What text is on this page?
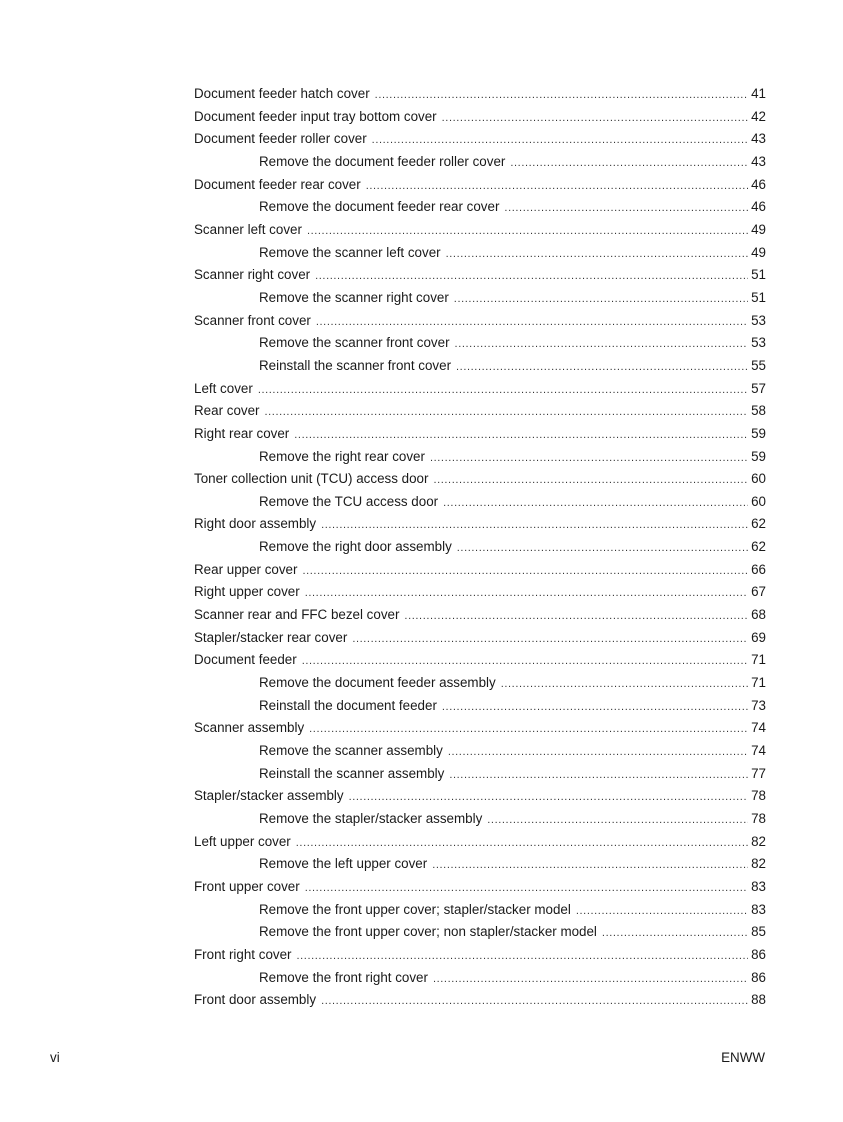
Document feeder hatch cover .....	41
Document feeder input tray bottom cover .....	42
Document feeder roller cover .....	43
Remove the document feeder roller cover .....	43
Document feeder rear cover .....	46
Remove the document feeder rear cover .....	46
Scanner left cover .....	49
Remove the scanner left cover .....	49
Scanner right cover .....	51
Remove the scanner right cover .....	51
Scanner front cover .....	53
Remove the scanner front cover .....	53
Reinstall the scanner front cover .....	55
Left cover .....	57
Rear cover .....	58
Right rear cover .....	59
Remove the right rear cover .....	59
Toner collection unit (TCU) access door .....	60
Remove the TCU access door .....	60
Right door assembly .....	62
Remove the right door assembly .....	62
Rear upper cover .....	66
Right upper cover .....	67
Scanner rear and FFC bezel cover .....	68
Stapler/stacker rear cover .....	69
Document feeder .....	71
Remove the document feeder assembly .....	71
Reinstall the document feeder .....	73
Scanner assembly .....	74
Remove the scanner assembly .....	74
Reinstall the scanner assembly .....	77
Stapler/stacker assembly .....	78
Remove the stapler/stacker assembly .....	78
Left upper cover .....	82
Remove the left upper cover .....	82
Front upper cover .....	83
Remove the front upper cover; stapler/stacker model .....	83
Remove the front upper cover; non stapler/stacker model .....	85
Front right cover .....	86
Remove the front right cover .....	86
Front door assembly .....	88
vi	ENWW
